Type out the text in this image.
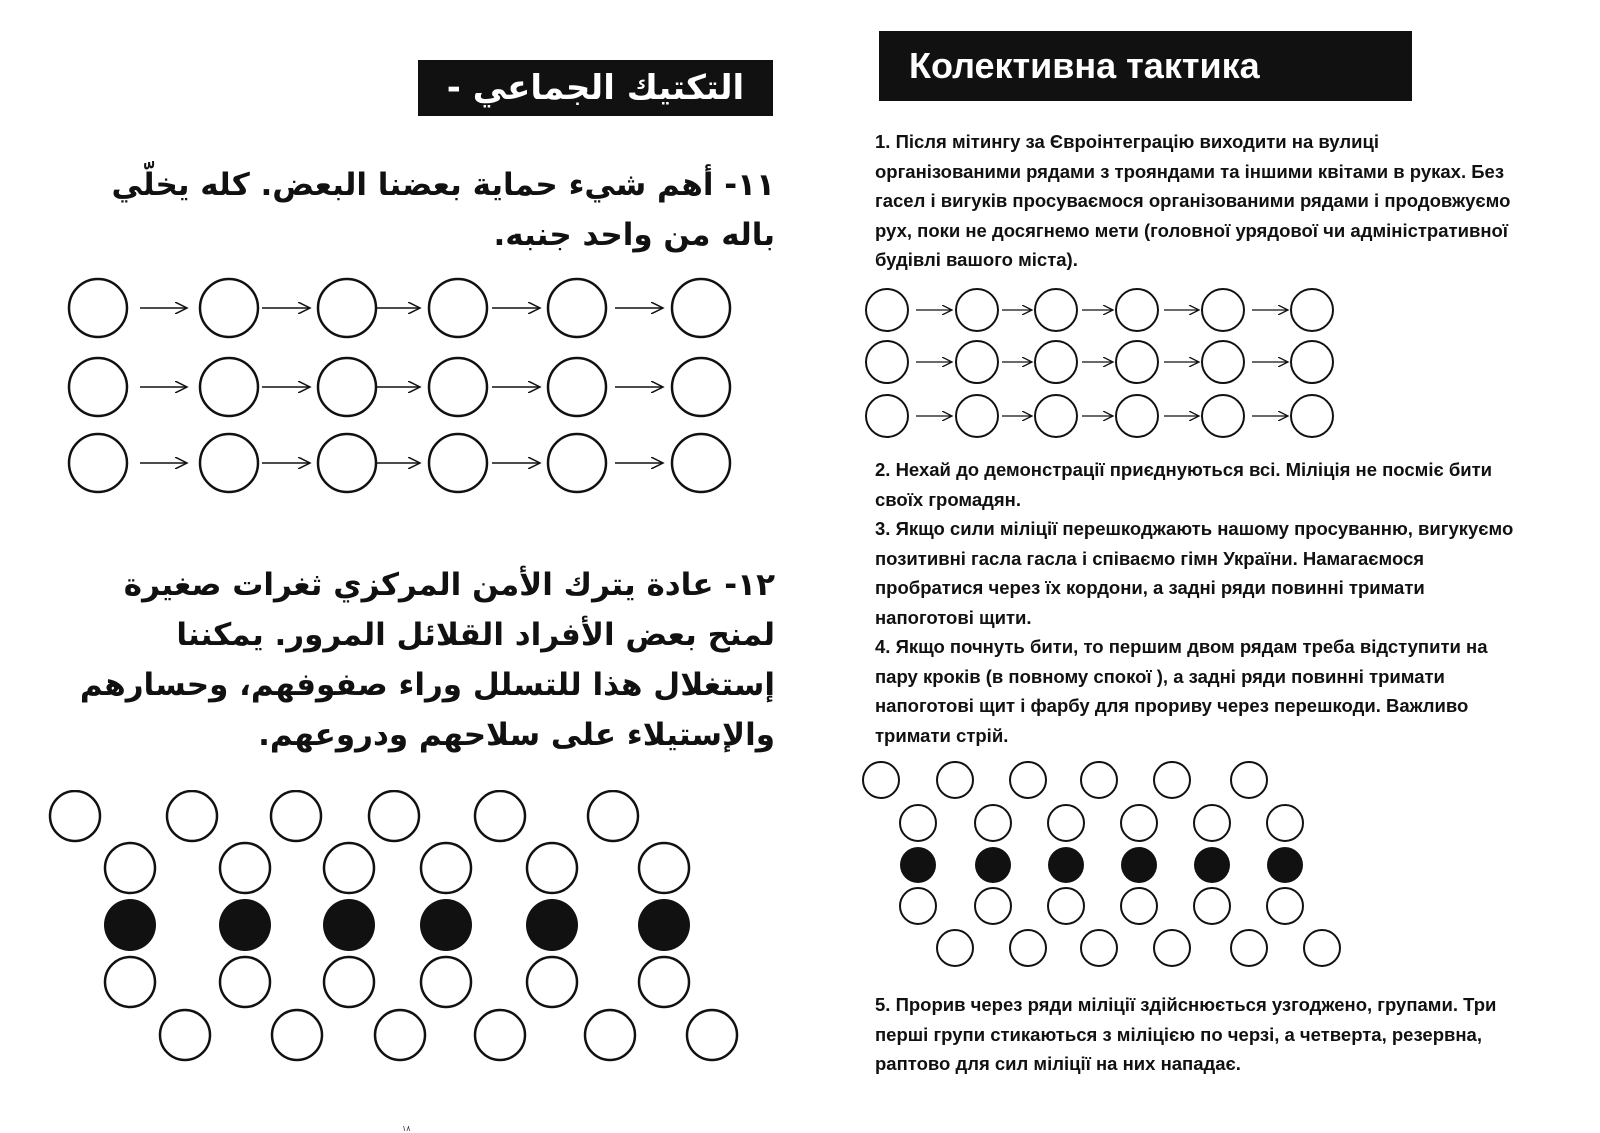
التكتيك الجماعي - تكملة
١١- أهم شيء حماية بعضنا البعض. كله يخلّي باله من واحد جنبه.
١٢- عادة يترك الأمن المركزي ثغرات صغيرة لمنح بعض الأفراد القلائل المرور. يمكننا إستغلال هذا للتسلل وراء صفوفهم، وحسارهم والإستيلاء على سلاحهم ودروعهم.
١٨
Колективна тактика

1. Після мітингу за Євроінтеграцію виходити на вулиці організованими рядами з трояндами та іншими квітами в руках. Без гасел і вигуків просуваємося організованими рядами і продовжуємо рух, поки не досягнемо мети (головної урядової чи адміністративної будівлі вашого міста).

2. Нехай до демонстрації приєднуються всі. Міліція не посміє бити своїх громадян.

3. Якщо сили міліції перешкоджають нашому просуванню, вигукуємо позитивні гасла гасла і співаємо гімн України. Намагаємося пробратися через їх кордони, а задні ряди повинні тримати напоготові щити.

4. Якщо почнуть бити, то першим двом рядам треба відступити на пару кроків (в повному спокої ), а задні ряди повинні тримати напоготові щит і фарбу для прориву через перешкоди. Важливо тримати стрій.

5. Прорив через ряди міліції здійснюється узгоджено, групами. Три перші групи стикаються з міліцією по черзі, а четверта, резервна, раптово для сил міліції на них нападає.
